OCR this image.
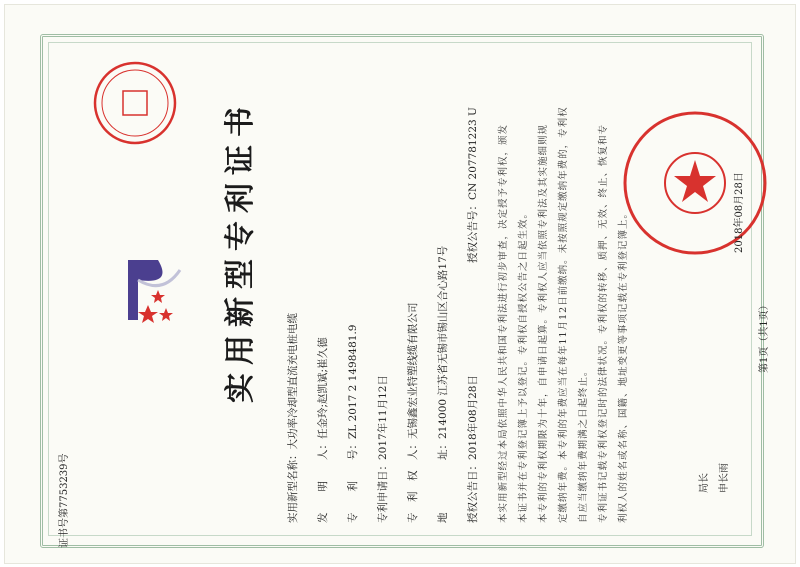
证书号第7753239号
实用新型专利证书
实用新型名称：大功率冷却型直流充电桩电缆
发　　明　　人：任金玲;赵凯斌;崔久德
专　　利　　号：ZL 2017 2 1498481.9
专利申请日：2017年11月12日
专　利　权　人：无锡鑫宏业特塑线缆有限公司
地　　　　　址：214000 江苏省无锡市锡山区合心路17号
授权公告日：2018年08月28日
授权公告号：CN 207781223 U	本实用新型经过本局依照中华人民共和国专利法进行初步审查，决定授予专利权，颁发 本证书并在专利登记簿上予以登记。专利权自授权公告之日起生效。 本专利的专利权期限为十年，自申请日起算。专利权人应当依照专利法及其实施细则规 定缴纳年费。本专利的年费应当在每年11月12日前缴纳。未按照规定缴纳年费的，专利权 自应当缴纳年费期满之日起终止。 专利证书记载专利权登记时的法律状况。专利权的转移、质押、无效、终止、恢复和专 利权人的姓名或名称、国籍、地址变更等事项记载在专利登记簿上。	局长 申长雨
2018年08月28日
第1页（共1页）
